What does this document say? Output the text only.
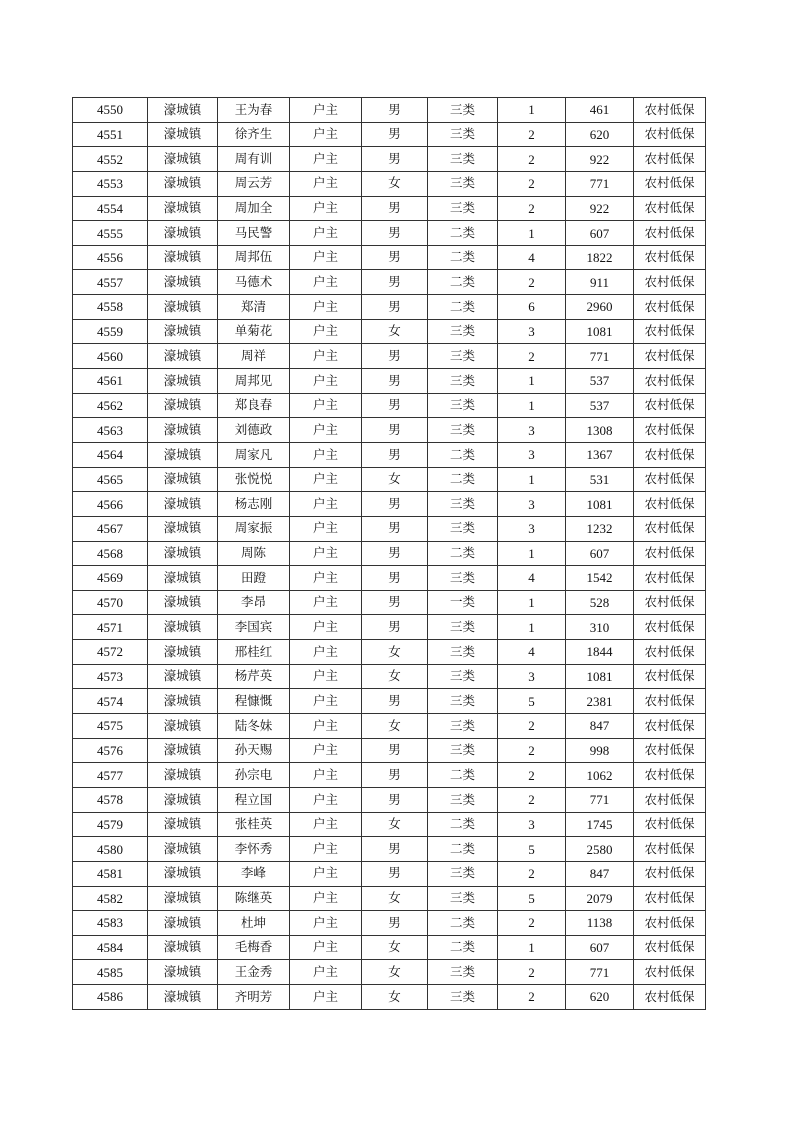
4550	濠城镇	王为春	户主	男	三类	1	461	农村低保
4551	濠城镇	徐齐生	户主	男	三类	2	620	农村低保
4552	濠城镇	周有训	户主	男	三类	2	922	农村低保
4553	濠城镇	周云芳	户主	女	三类	2	771	农村低保
4554	濠城镇	周加全	户主	男	三类	2	922	农村低保
4555	濠城镇	马民警	户主	男	二类	1	607	农村低保
4556	濠城镇	周邦伍	户主	男	二类	4	1822	农村低保
4557	濠城镇	马德术	户主	男	二类	2	911	农村低保
4558	濠城镇	郑清	户主	男	二类	6	2960	农村低保
4559	濠城镇	单菊花	户主	女	三类	3	1081	农村低保
4560	濠城镇	周祥	户主	男	三类	2	771	农村低保
4561	濠城镇	周邦见	户主	男	三类	1	537	农村低保
4562	濠城镇	郑良春	户主	男	三类	1	537	农村低保
4563	濠城镇	刘德政	户主	男	三类	3	1308	农村低保
4564	濠城镇	周家凡	户主	男	二类	3	1367	农村低保
4565	濠城镇	张悦悦	户主	女	二类	1	531	农村低保
4566	濠城镇	杨志刚	户主	男	三类	3	1081	农村低保
4567	濠城镇	周家振	户主	男	三类	3	1232	农村低保
4568	濠城镇	周陈	户主	男	二类	1	607	农村低保
4569	濠城镇	田蹬	户主	男	三类	4	1542	农村低保
4570	濠城镇	李昂	户主	男	一类	1	528	农村低保
4571	濠城镇	李国宾	户主	男	三类	1	310	农村低保
4572	濠城镇	邢桂红	户主	女	三类	4	1844	农村低保
4573	濠城镇	杨芹英	户主	女	三类	3	1081	农村低保
4574	濠城镇	程慷慨	户主	男	三类	5	2381	农村低保
4575	濠城镇	陆冬妹	户主	女	三类	2	847	农村低保
4576	濠城镇	孙天赐	户主	男	三类	2	998	农村低保
4577	濠城镇	孙宗电	户主	男	二类	2	1062	农村低保
4578	濠城镇	程立国	户主	男	三类	2	771	农村低保
4579	濠城镇	张桂英	户主	女	二类	3	1745	农村低保
4580	濠城镇	李怀秀	户主	男	二类	5	2580	农村低保
4581	濠城镇	李峰	户主	男	三类	2	847	农村低保
4582	濠城镇	陈继英	户主	女	三类	5	2079	农村低保
4583	濠城镇	杜坤	户主	男	二类	2	1138	农村低保
4584	濠城镇	毛梅香	户主	女	二类	1	607	农村低保
4585	濠城镇	王金秀	户主	女	三类	2	771	农村低保
4586	濠城镇	齐明芳	户主	女	三类	2	620	农村低保
